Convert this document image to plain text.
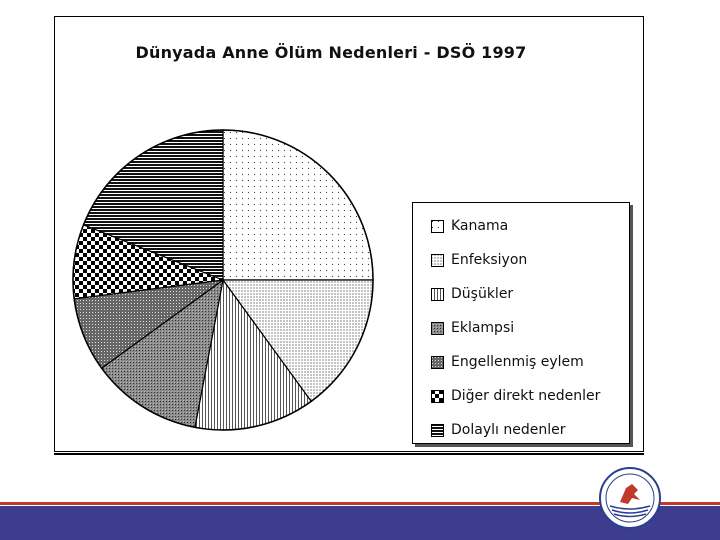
Dünyada Anne Ölüm Nedenleri - DSÖ 1997
Kanama
Enfeksiyon
Düşükler
Eklampsi
Engellenmiş eylem
Diğer direkt nedenler
Dolaylı nedenler
